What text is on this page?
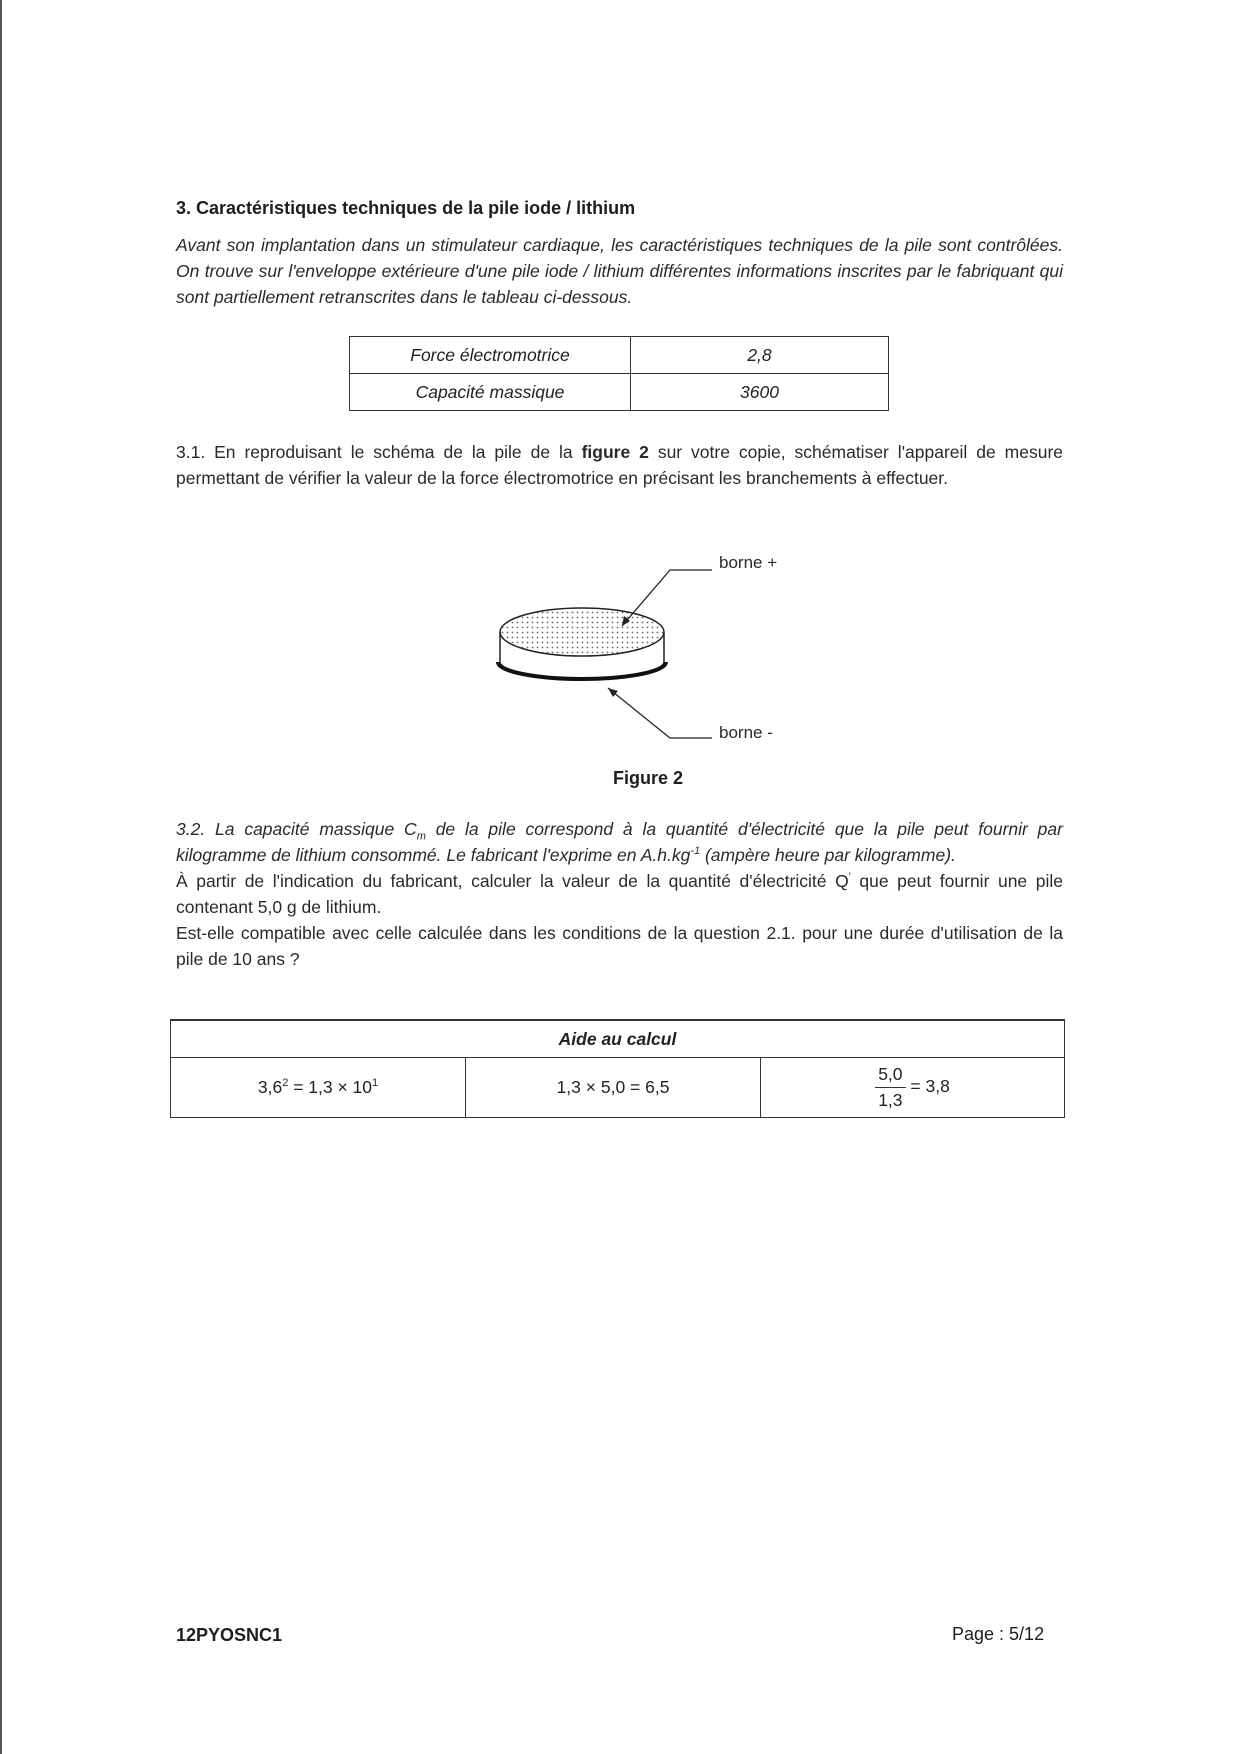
3. Caractéristiques techniques de la pile iode / lithium
Avant son implantation dans un stimulateur cardiaque, les caractéristiques techniques de la pile sont contrôlées. On trouve sur l'enveloppe extérieure d'une pile iode / lithium différentes informations inscrites par le fabriquant qui sont partiellement retranscrites dans le tableau ci-dessous.
Force électromotrice	2,8
Capacité massique	3600
3.1. En reproduisant le schéma de la pile de la figure 2 sur votre copie, schématiser l'appareil de mesure permettant de vérifier la valeur de la force électromotrice en précisant les branchements à effectuer.
borne +
borne -
Figure 2
3.2. La capacité massique $C_m$ de la pile correspond à la quantité d'électricité que la pile peut fournir par kilogramme de lithium consommé. Le fabricant l'exprime en $A.h.kg^{-1}$ (ampère heure par kilogramme).
À partir de l'indication du fabricant, calculer la valeur de la quantité d'électricité Q' que peut fournir une pile contenant 5,0 g de lithium.
Est-elle compatible avec celle calculée dans les conditions de la question 2.1. pour une durée d'utilisation de la pile de 10 ans ?
Aide au calcul
$3,6^2 = 1,3 \times 10^1$	1,3 × 5,0 = 6,5	$\frac{5,0}{1,3} = 3,8$
12PYOSNC1	Page : 5/12
